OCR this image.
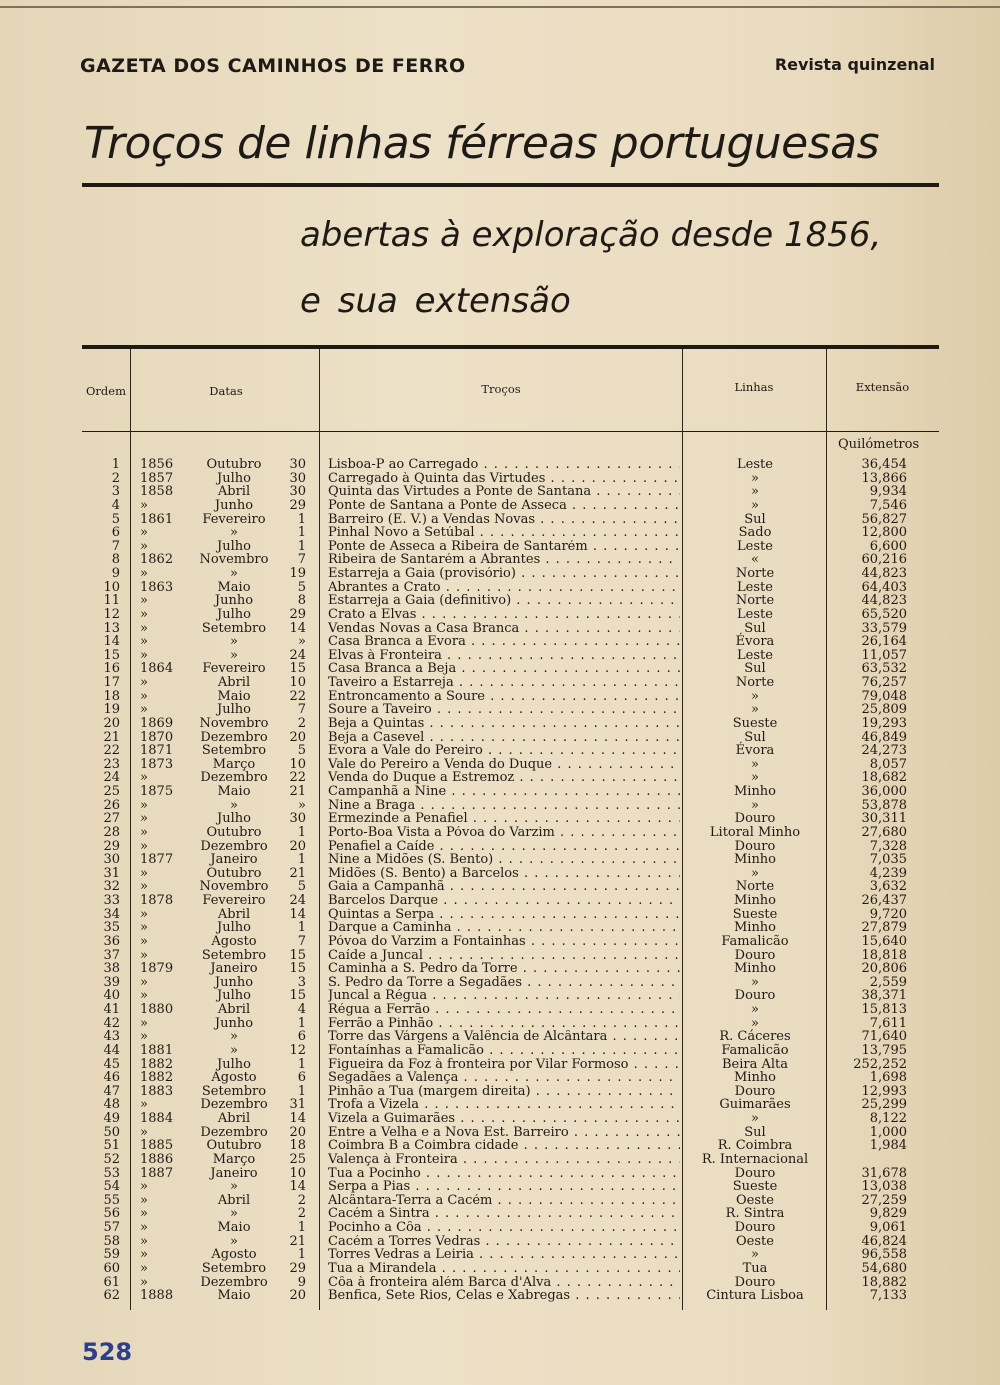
GAZETA DOS CAMINHOS DE FERRO	Revista quinzenal
Troços de linhas férreas portuguesas
abertas à exploração desde 1856,
e sua extensão
Ordem	Datas	Troços	Linhas	Extensão
Quilómetros
1 1856	Outubro	30 Lisboa-P ao Carregado . . .	Leste	36,454
2 1857	Julho	30 Carregado à Quinta das Virtudes . . .	»	13,866
3 1858	Abril	30 Quinta das Virtudes a Ponte de Santana . . .	»	9,934
4 »	Junho	29 Ponte de Santana a Ponte de Asseca . . .	»	7,546
5 1861	Fevereiro	1 Barreiro (E. V.) a Vendas Novas . . .	Sul	56,827
6 »	»	1 Pinhal Novo a Setúbal . . .	Sado	12,800
7 »	Julho	1 Ponte de Asseca a Ribeira de Santarém . . .	Leste	6,600
8 1862	Novembro	7 Ribeira de Santarém a Abrantes . . .	«	60,216
9 »	»	19 Estarreja a Gaia (provisório) . . .	Norte	44,823
10 1863	Maio	5 Abrantes a Crato . . .	Leste	64,403
11 »	Junho	8 Estarreja a Gaia (definitivo) . . .	Norte	44,823
12 »	Julho	29 Crato a Elvas . . .	Leste	65,520
13 »	Setembro	14 Vendas Novas a Casa Branca . . .	Sul	33,579
14 »	»	» Casa Branca a Évora . . .	Évora	26,164
15 »	»	24 Elvas à Fronteira . . .	Leste	11,057
16 1864	Fevereiro	15 Casa Branca a Beja . . .	Sul	63,532
17 »	Abril	10 Taveiro a Estarreja . . .	Norte	76,257
18 »	Maio	22 Entroncamento a Soure . . .	»	79,048
19 »	Julho	7 Soure a Taveiro . . .	»	25,809
20 1869	Novembro	2 Beja a Quintas . . .	Sueste	19,293
21 1870	Dezembro	20 Beja a Casevel . . .	Sul	46,849
22 1871	Setembro	5 Évora a Vale do Pereiro . . .	Évora	24,273
23 1873	Março	10 Vale do Pereiro a Venda do Duque . . .	»	8,057
24 »	Dezembro	22 Venda do Duque a Estremoz . . .	»	18,682
25 1875	Maio	21 Campanhã a Nine . . .	Minho	36,000
26 »	»	» Nine a Braga . . .	»	53,878
27 »	Julho	30 Ermezinde a Penafiel . . .	Douro	30,311
28 »	Outubro	1 Porto-Boa Vista a Póvoa do Varzim . . .	Litoral Minho	27,680
29 »	Dezembro	20 Penafiel a Caíde . . .	Douro	7,328
30 1877	Janeiro	1 Nine a Midões (S. Bento) . . .	Minho	7,035
31 »	Outubro	21 Midões (S. Bento) a Barcelos . . .	»	4,239
32 »	Novembro	5 Gaia a Campanhã . . .	Norte	3,632
33 1878	Fevereiro	24 Barcelos Darque . . .	Minho	26,437
34 »	Abril	14 Quintas a Serpa . . .	Sueste	9,720
35 »	Julho	1 Darque a Caminha . . .	Minho	27,879
36 »	Agosto	7 Póvoa do Varzim a Fontainhas . . .	Famalicão	15,640
37 »	Setembro	15 Caíde a Juncal . . .	Douro	18,818
38 1879	Janeiro	15 Caminha a S. Pedro da Torre . . .	Minho	20,806
39 »	Junho	3 S. Pedro da Torre a Segadães . . .	»	2,559
40 »	Julho	15 Juncal a Régua . . .	Douro	38,371
41 1880	Abril	4 Régua a Ferrão . . .	»	15,813
42 »	Junho	1 Ferrão a Pinhão . . .	»	7,611
43 »	»	6 Torre das Várgens a Valência de Alcântara . . .	R. Cáceres	71,640
44 1881	»	12 Fontaínhas a Famalicão . . .	Famalicão	13,795
45 1882	Julho	1 Figueira da Foz à fronteira por Vilar Formoso . . .	Beira Alta	252,252
46 1882	Agosto	6 Segadães a Valença . . .	Minho	1,698
47 1883	Setembro	1 Pinhão a Tua (margem direita) . . .	Douro	12,993
48 »	Dezembro	31 Trofa a Vizela . . .	Guimarães	25,299
49 1884	Abril	14 Vizela a Guimarães . . .	»	8,122
50 »	Dezembro	20 Entre a Velha e a Nova Est. Barreiro . . .	Sul	1,000
51 1885	Outubro	18 Coimbra B a Coimbra cidade . . .	R. Coimbra	1,984
52 1886	Março	25 Valença à Fronteira . . .	R. Internacional
53 1887	Janeiro	10 Tua a Pocinho . . .	Douro	31,678
54 »	»	14 Serpa a Pias . . .	Sueste	13,038
55 »	Abril	2 Alcântara-Terra a Cacém . . .	Oeste	27,259
56 »	»	2 Cacém a Sintra . . .	R. Sintra	9,829
57 »	Maio	1 Pocinho a Côa . . .	Douro	9,061
58 »	»	21 Cacém a Torres Vedras . . .	Oeste	46,824
59 »	Agosto	1 Torres Vedras a Leiria . . .	»	96,558
60 »	Setembro	29 Tua a Mirandela . . .	Tua	54,680
61 »	Dezembro	9 Côa à fronteira além Barca d'Alva . . .	Douro	18,882
62 1888	Maio	20 Benfica, Sete Rios, Celas e Xabregas . . .	Cintura Lisboa	7,133
528
